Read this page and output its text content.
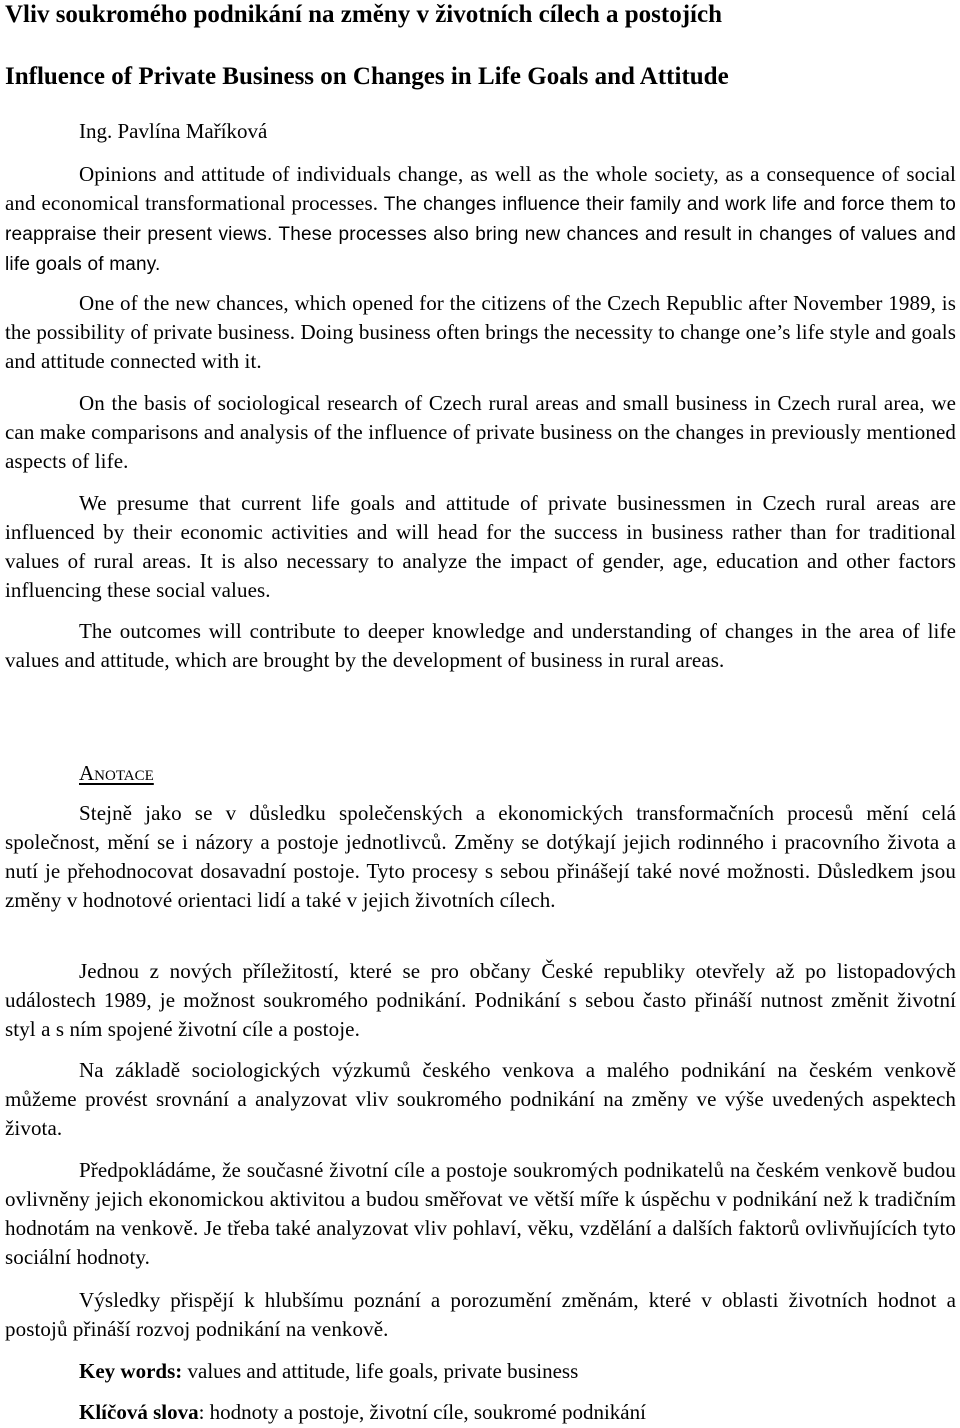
Vliv soukromého podnikání na změny v životních cílech a postojích
Influence of Private Business on Changes in Life Goals and Attitude
Ing. Pavlína Maříková

Opinions and attitude of individuals change, as well as the whole society, as a consequence of social and economical transformational processes. The changes influence their family and work life and force them to reappraise their present views. These processes also bring new chances and result in changes of values and life goals of many.

One of the new chances, which opened for the citizens of the Czech Republic after November 1989, is the possibility of private business. Doing business often brings the necessity to change one’s life style and goals and attitude connected with it.

On the basis of sociological research of Czech rural areas and small business in Czech rural area, we can make comparisons and analysis of the influence of private business on the changes in previously mentioned aspects of life.

We presume that current life goals and attitude of private businessmen in Czech rural areas are influenced by their economic activities and will head for the success in business rather than for traditional values of rural areas. It is also necessary to analyze the impact of gender, age, education and other factors influencing these social values.

The outcomes will contribute to deeper knowledge and understanding of changes in the area of life values and attitude, which are brought by the development of business in rural areas.

Anotace

Stejně jako se v důsledku společenských a ekonomických transformačních procesů mění celá společnost, mění se i názory a postoje jednotlivců. Změny se dotýkají jejich rodinného i pracovního života a nutí je přehodnocovat dosavadní postoje. Tyto procesy s sebou přinášejí také nové možnosti. Důsledkem jsou změny v hodnotové orientaci lidí a také v jejich životních cílech.

Jednou z nových příležitostí, které se pro občany České republiky otevřely až po listopadových událostech 1989, je možnost soukromého podnikání. Podnikání s sebou často přináší nutnost změnit životní styl a s ním spojené životní cíle a postoje.

Na základě sociologických výzkumů českého venkova a malého podnikání na českém venkově můžeme provést srovnání a analyzovat vliv soukromého podnikání na změny ve výše uvedených aspektech života.

Předpokládáme, že současné životní cíle a postoje soukromých podnikatelů na českém venkově budou ovlivněny jejich ekonomickou aktivitou a budou směřovat ve větší míře k úspěchu v podnikání než k tradičním hodnotám na venkově. Je třeba také analyzovat vliv pohlaví, věku, vzdělání a dalších faktorů ovlivňujících tyto sociální hodnoty.

Výsledky přispějí k hlubšímu poznání a porozumění změnám, které v oblasti životních hodnot a postojů přináší rozvoj podnikání na venkově.

Key words: values and attitude, life goals, private business
Klíčová slova: hodnoty a postoje, životní cíle, soukromé podnikání
